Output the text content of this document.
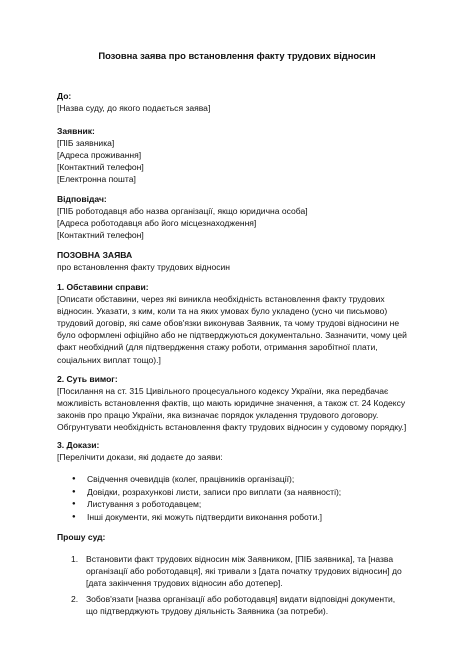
Позовна заява про встановлення факту трудових відносин
До:
[Назва суду, до якого подається заява]
Заявник:
[ПІБ заявника]
[Адреса проживання]
[Контактний телефон]
[Електронна пошта]
Відповідач:
[ПІБ роботодавця або назва організації, якщо юридична особа]
[Адреса роботодавця або його місцезнаходження]
[Контактний телефон]
ПОЗОВНА ЗАЯВА
про встановлення факту трудових відносин
1. Обставини справи:
[Описати обставини, через які виникла необхідність встановлення факту трудових
відносин. Указати, з ким, коли та на яких умовах було укладено (усно чи письмово)
трудовий договір, які саме обов'язки виконував Заявник, та чому трудові відносини не
було оформлені офіційно або не підтверджуються документально. Зазначити, чому цей
факт необхідний (для підтвердження стажу роботи, отримання заробітної плати,
соціальних виплат тощо).]
2. Суть вимог:
[Посилання на ст. 315 Цивільного процесуального кодексу України, яка передбачає
можливість встановлення фактів, що мають юридичне значення, а також ст. 24 Кодексу
законів про працю України, яка визначає порядок укладення трудового договору.
Обгрунтувати необхідність встановлення факту трудових відносин у судовому порядку.]
3. Докази:
[Перелічити докази, які додаєте до заяви:
● Свідчення очевидців (колег, працівників організації);
● Довідки, розрахункові листи, записи про виплати (за наявності);
● Листування з роботодавцем;
● Інші документи, які можуть підтвердити виконання роботи.]
Прошу суд:
1. Встановити факт трудових відносин між Заявником, [ПІБ заявника], та [назва
організації або роботодавця], які тривали з [дата початку трудових відносин] до
[дата закінчення трудових відносин або дотепер].
2. Зобов'язати [назва організації або роботодавця] видати відповідні документи,
що підтверджують трудову діяльність Заявника (за потреби).
